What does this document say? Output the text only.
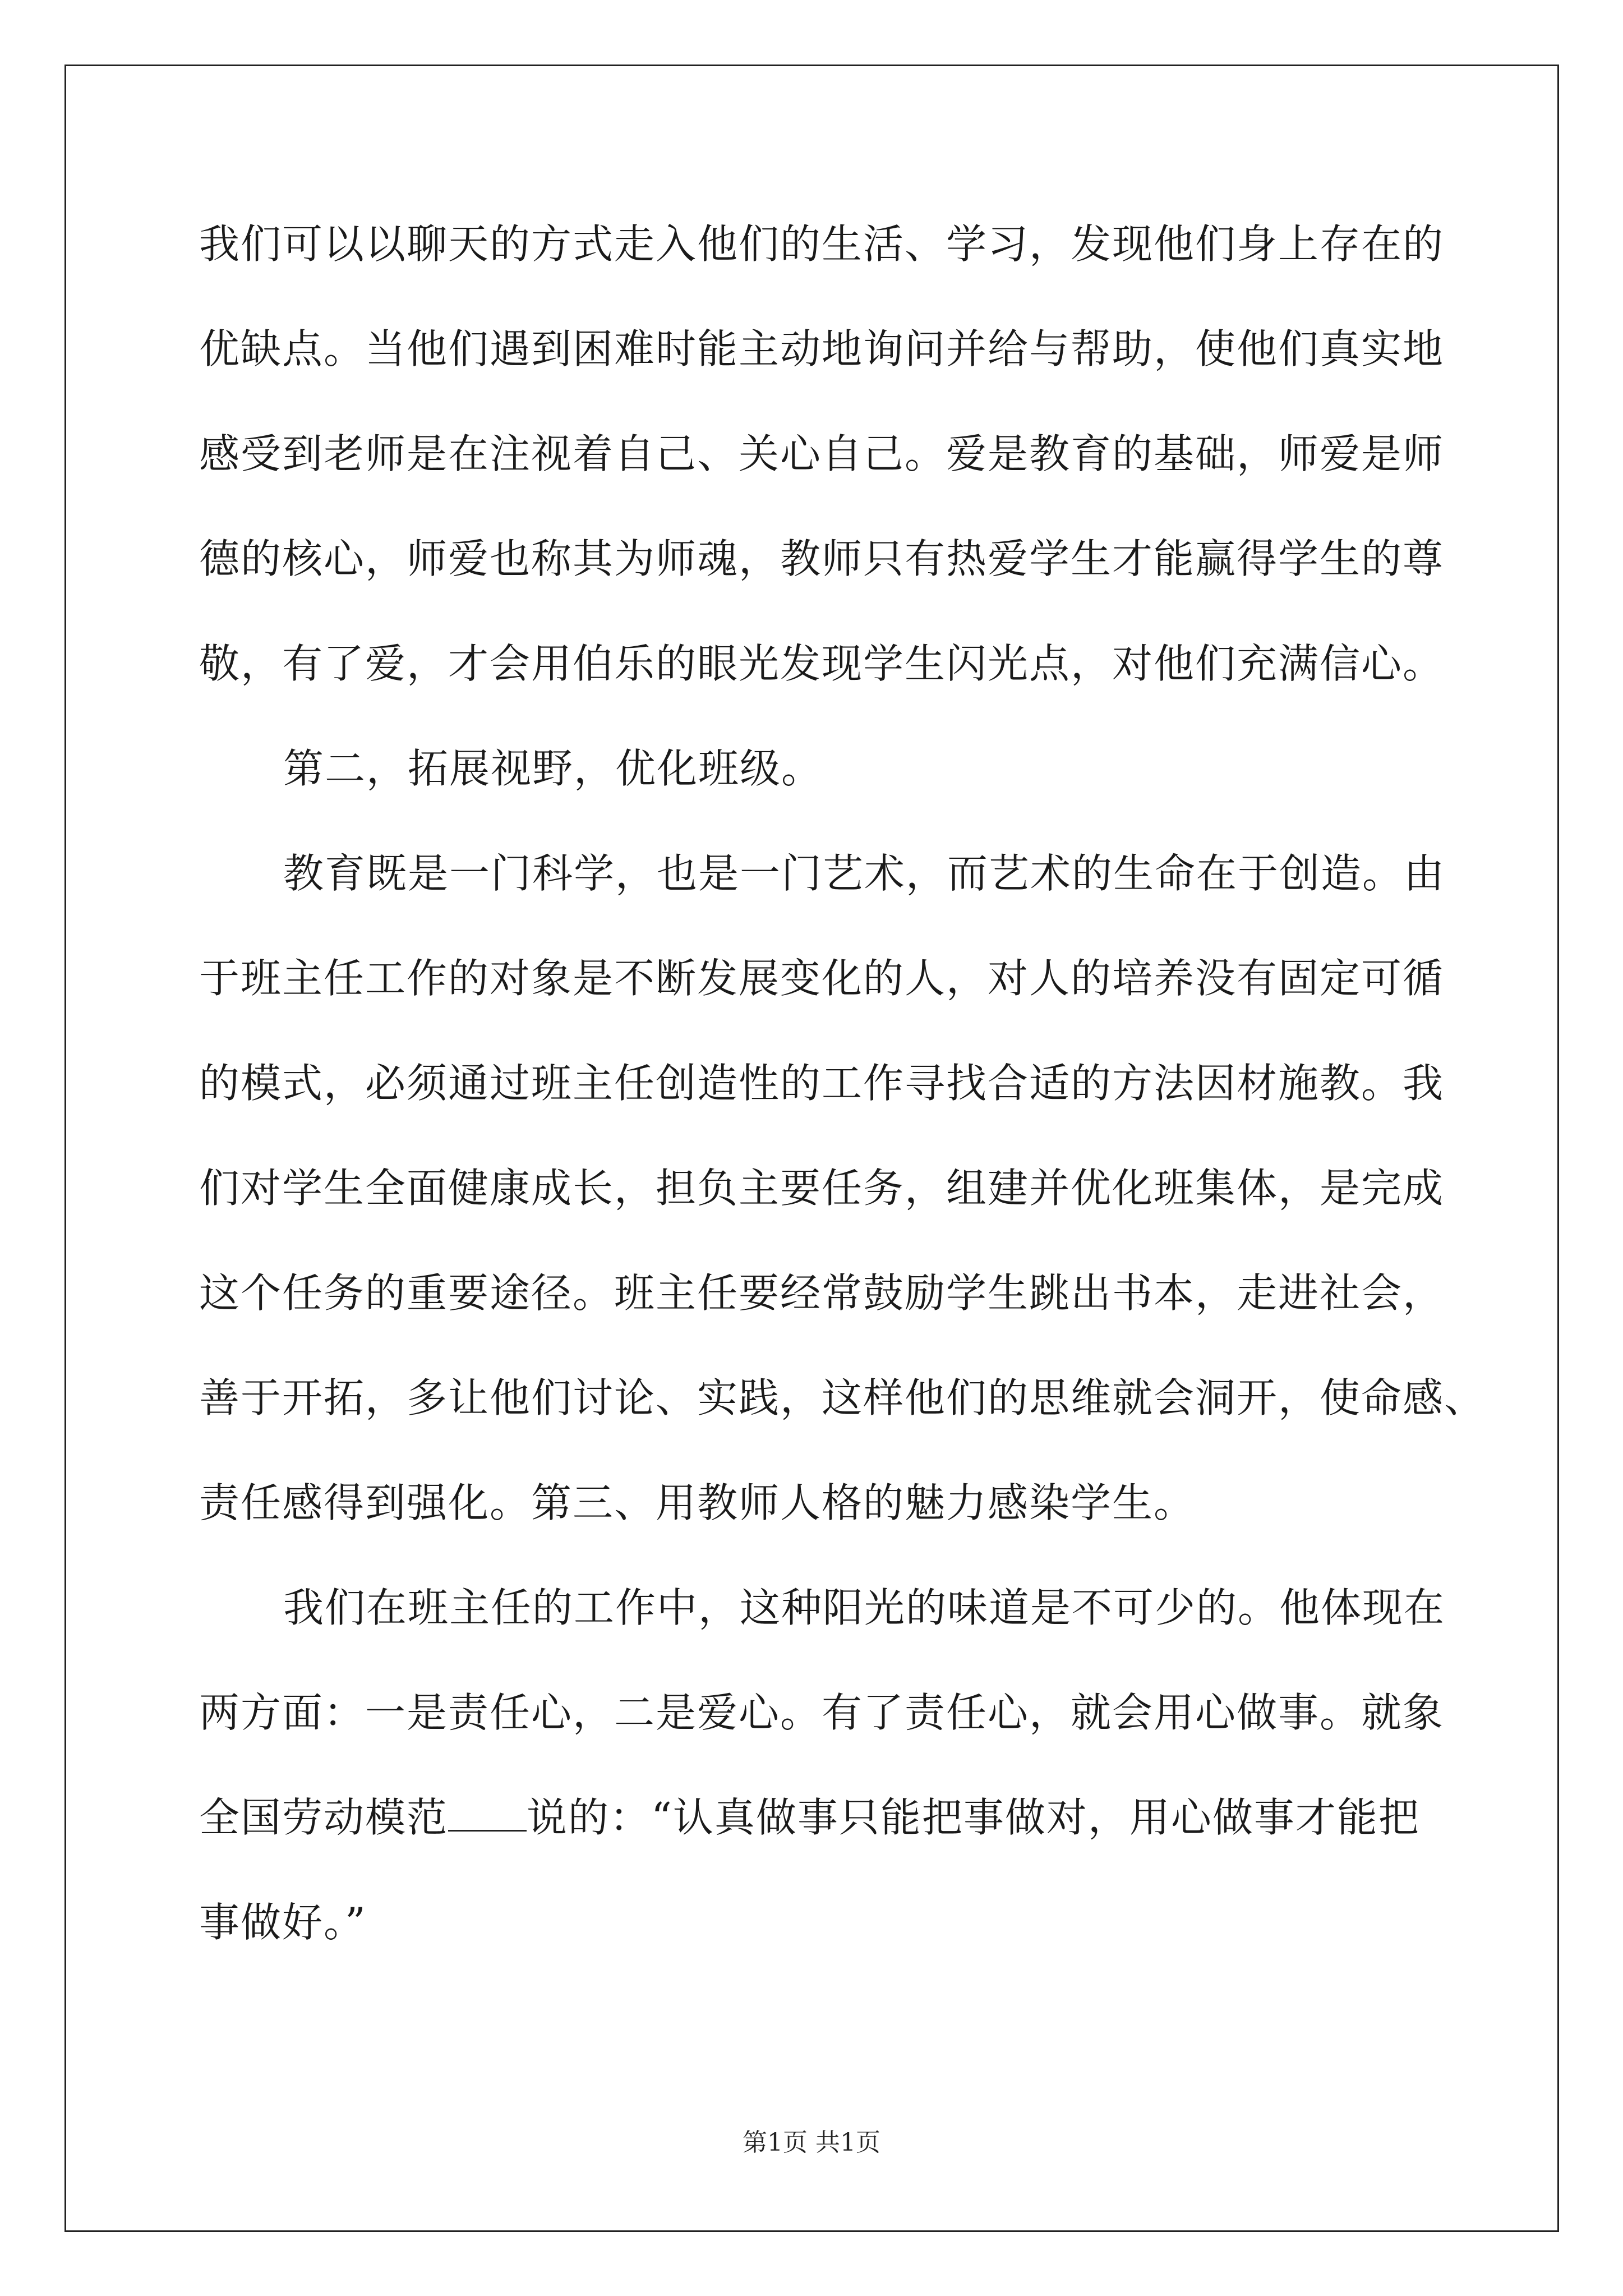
我们可以以聊天的方式走入他们的生活、学习，发现他们身上存在的
优缺点。当他们遇到困难时能主动地询问并给与帮助，使他们真实地
感受到老师是在注视着自己、关心自己。爱是教育的基础，师爱是师
德的核心，师爱也称其为师魂，教师只有热爱学生才能赢得学生的尊
敬，有了爱，才会用伯乐的眼光发现学生闪光点，对他们充满信心。
第二，拓展视野，优化班级。
教育既是一门科学，也是一门艺术，而艺术的生命在于创造。由
于班主任工作的对象是不断发展变化的人，对人的培养没有固定可循
的模式，必须通过班主任创造性的工作寻找合适的方法因材施教。我
们对学生全面健康成长，担负主要任务，组建并优化班集体，是完成
这个任务的重要途径。班主任要经常鼓励学生跳出书本，走进社会，
善于开拓，多让他们讨论、实践，这样他们的思维就会洞开，使命感、
责任感得到强化。第三、用教师人格的魅力感染学生。
我们在班主任的工作中，这种阳光的味道是不可少的。他体现在
两方面：一是责任心，二是爱心。有了责任心，就会用心做事。就象
全国劳动模范 说的：“认真做事只能把事做对，用心做事才能把
事做好。”
第1页 共1页
